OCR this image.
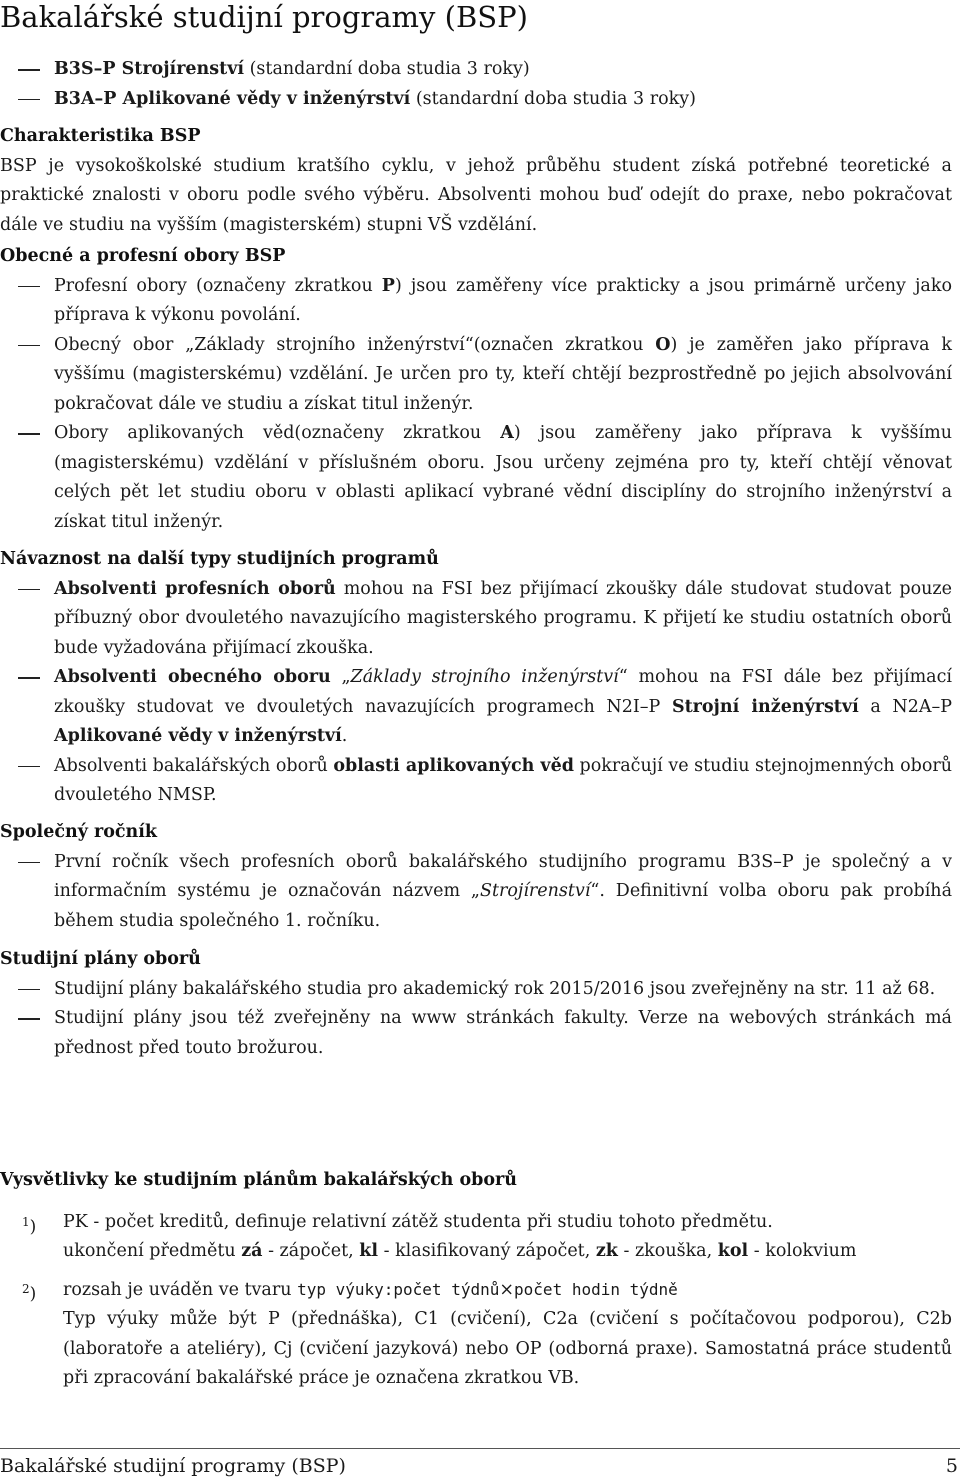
Bakalářské studijní programy (BSP)
B3S–P Strojírenství (standardní doba studia 3 roky)
B3A–P Aplikované vědy v inženýrství (standardní doba studia 3 roky)
Charakteristika BSP

BSP je vysokoškolské studium kratšího cyklu, v jehož průběhu student získá potřebné teoretické a praktické znalosti v oboru podle svého výběru. Absolventi mohou buď odejít do praxe, nebo pokračovat dále ve studiu na vyšším (magisterském) stupni VŠ vzdělání.

Obecné a profesní obory BSP
Profesní obory (označeny zkratkou P) jsou zaměřeny více prakticky a jsou primárně určeny jako příprava k výkonu povolání.
Obecný obor „Základy strojního inženýrství“(označen zkratkou O) je zaměřen jako příprava k vyššímu (magisterskému) vzdělání. Je určen pro ty, kteří chtějí bezprostředně po jejich absolvování pokračovat dále ve studiu a získat titul inženýr.
Obory aplikovaných věd(označeny zkratkou A) jsou zaměřeny jako příprava k vyššímu (magisterskému) vzdělání v příslušném oboru. Jsou určeny zejména pro ty, kteří chtějí věnovat celých pět let studiu oboru v oblasti aplikací vybrané vědní disciplíny do strojního inženýrství a získat titul inženýr.
Návaznost na další typy studijních programů
Absolventi profesních oborů mohou na FSI bez přijímací zkoušky dále studovat studovat pouze příbuzný obor dvouletého navazujícího magisterského programu. K přijetí ke studiu ostatních oborů bude vyžadována přijímací zkouška.
Absolventi obecného oboru „Základy strojního inženýrství“ mohou na FSI dále bez přijímací zkoušky studovat ve dvouletých navazujících programech N2I–P Strojní inženýrství a N2A–P Aplikované vědy v inženýrství.
Absolventi bakalářských oborů oblasti aplikovaných věd pokračují ve studiu stejnojmenných oborů dvouletého NMSP.
Společný ročník
První ročník všech profesních oborů bakalářského studijního programu B3S–P je společný a v informačním systému je označován názvem „Strojírenství“. Definitivní volba oboru pak probíhá během studia společného 1. ročníku.
Studijní plány oborů
Studijní plány bakalářského studia pro akademický rok 2015/2016 jsou zveřejněny na str. 11 až 68.
Studijní plány jsou též zveřejněny na www stránkách fakulty. Verze na webových stránkách má přednost před touto brožurou.
Vysvětlivky ke studijním plánům bakalářských oborů
$^1$)	PK - počet kreditů, definuje relativní zátěž studenta při studiu tohoto předmětu.
ukončení předmětu zá - zápočet, kl - klasifikovaný zápočet, zk - zkouška, kol - kolokvium
$^2$)	rozsah je uváděn ve tvaru typ výuky:počet týdnů×počet hodin týdně
Typ výuky může být P (přednáška), C1 (cvičení), C2a (cvičení s počítačovou podporou), C2b (laboratoře a ateliéry), Cj (cvičení jazyková) nebo OP (odborná praxe). Samostatná práce studentů při zpracování bakalářské práce je označena zkratkou VB.
Bakalářské studijní programy (BSP)	5
